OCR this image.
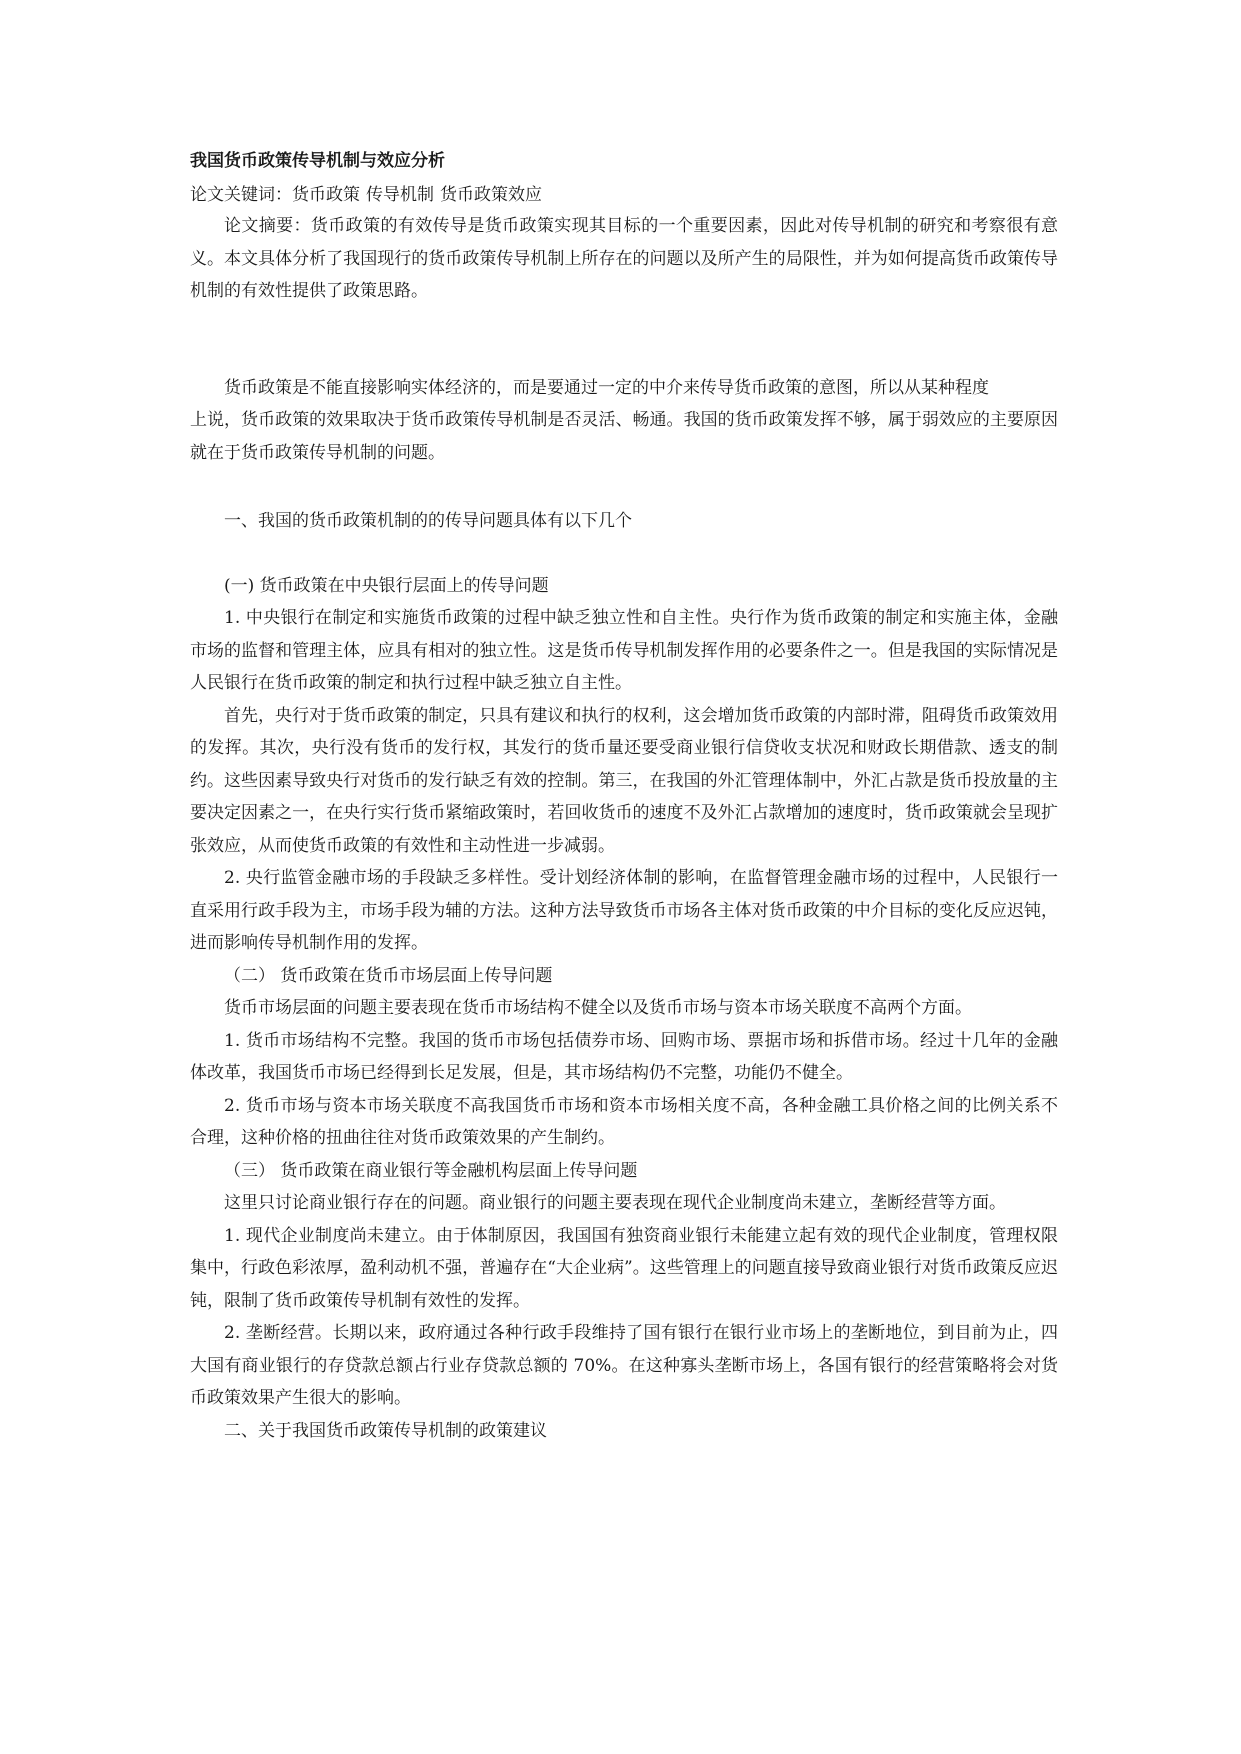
我国货币政策传导机制与效应分析
论文关键词：货币政策 传导机制 货币政策效应

论文摘要：货币政策的有效传导是货币政策实现其目标的一个重要因素，因此对传导机制的研究和考察很有意义。本文具体分析了我国现行的货币政策传导机制上所存在的问题以及所产生的局限性，并为如何提高货币政策传导机制的有效性提供了政策思路。

货币政策是不能直接影响实体经济的，而是要通过一定的中介来传导货币政策的意图，所以从某种程度

上说，货币政策的效果取决于货币政策传导机制是否灵活、畅通。我国的货币政策发挥不够，属于弱效应的主要原因就在于货币政策传导机制的问题。

一、我国的货币政策机制的的传导问题具体有以下几个

(一) 货币政策在中央银行层面上的传导问题

1. 中央银行在制定和实施货币政策的过程中缺乏独立性和自主性。央行作为货币政策的制定和实施主体，金融市场的监督和管理主体，应具有相对的独立性。这是货币传导机制发挥作用的必要条件之一。但是我国的实际情况是人民银行在货币政策的制定和执行过程中缺乏独立自主性。

首先，央行对于货币政策的制定，只具有建议和执行的权利，这会增加货币政策的内部时滞，阻碍货币政策效用的发挥。其次，央行没有货币的发行权，其发行的货币量还要受商业银行信贷收支状况和财政长期借款、透支的制约。这些因素导致央行对货币的发行缺乏有效的控制。第三，在我国的外汇管理体制中，外汇占款是货币投放量的主要决定因素之一，在央行实行货币紧缩政策时，若回收货币的速度不及外汇占款增加的速度时，货币政策就会呈现扩张效应，从而使货币政策的有效性和主动性进一步减弱。

2. 央行监管金融市场的手段缺乏多样性。受计划经济体制的影响，在监督管理金融市场的过程中，人民银行一直采用行政手段为主，市场手段为辅的方法。这种方法导致货币市场各主体对货币政策的中介目标的变化反应迟钝，进而影响传导机制作用的发挥。

（二） 货币政策在货币市场层面上传导问题

货币市场层面的问题主要表现在货币市场结构不健全以及货币市场与资本市场关联度不高两个方面。

1. 货币市场结构不完整。我国的货币市场包括债券市场、回购市场、票据市场和拆借市场。经过十几年的金融体改革，我国货币市场已经得到长足发展，但是，其市场结构仍不完整，功能仍不健全。

2. 货币市场与资本市场关联度不高我国货币市场和资本市场相关度不高，各种金融工具价格之间的比例关系不合理，这种价格的扭曲往往对货币政策效果的产生制约。

（三） 货币政策在商业银行等金融机构层面上传导问题

这里只讨论商业银行存在的问题。商业银行的问题主要表现在现代企业制度尚未建立，垄断经营等方面。

1. 现代企业制度尚未建立。由于体制原因，我国国有独资商业银行未能建立起有效的现代企业制度，管理权限集中，行政色彩浓厚，盈利动机不强，普遍存在“大企业病”。这些管理上的问题直接导致商业银行对货币政策反应迟钝，限制了货币政策传导机制有效性的发挥。

2. 垄断经营。长期以来，政府通过各种行政手段维持了国有银行在银行业市场上的垄断地位，到目前为止，四大国有商业银行的存贷款总额占行业存贷款总额的 70%。在这种寡头垄断市场上，各国有银行的经营策略将会对货币政策效果产生很大的影响。

二、关于我国货币政策传导机制的政策建议
